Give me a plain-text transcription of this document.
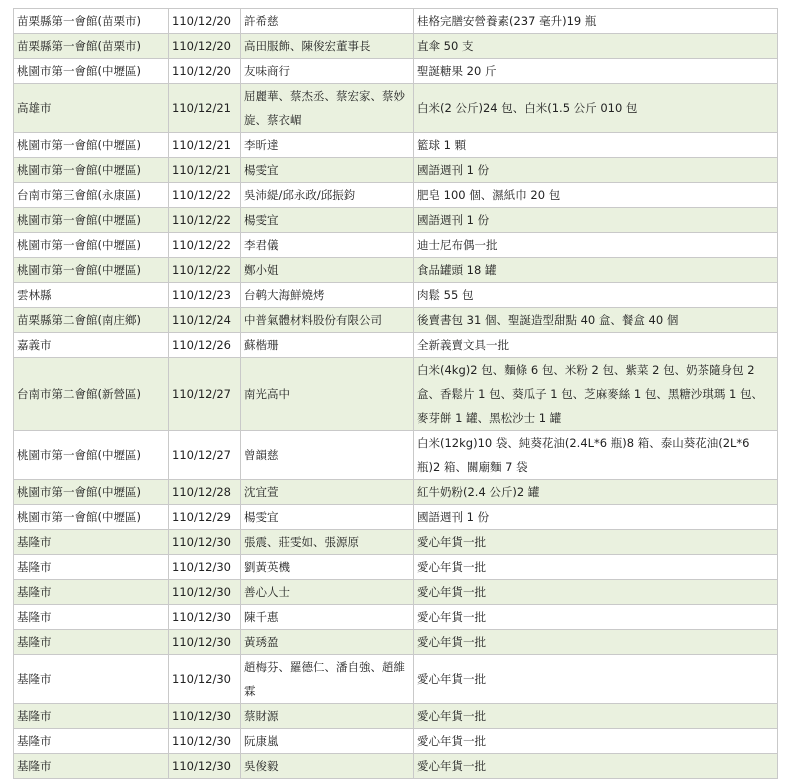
苗栗縣第一會館(苗栗市)	110/12/20	許希慈	桂格完膳安營養素(237 毫升)19 瓶
苗栗縣第一會館(苗栗市)	110/12/20	高田服飾、陳俊宏董事長	直傘 50 支
桃園市第一會館(中壢區)	110/12/20	友味商行	聖誕糖果 20 斤
高雄市	110/12/21	屈麗華、蔡杰丞、蔡宏家、蔡妙旋、蔡衣嵋	白米(2 公斤)24 包、白米(1.5 公斤 010 包
桃園市第一會館(中壢區)	110/12/21	李昕達	籃球 1 顆
桃園市第一會館(中壢區)	110/12/21	楊雯宜	國語週刊 1 份
台南市第三會館(永康區)	110/12/22	吳沛緹/邱永政/邱振鈞	肥皂 100 個、濕紙巾 20 包
桃園市第一會館(中壢區)	110/12/22	楊雯宜	國語週刊 1 份
桃園市第一會館(中壢區)	110/12/22	李君儀	迪士尼布偶一批
桃園市第一會館(中壢區)	110/12/22	鄭小姐	食品罐頭 18 罐
雲林縣	110/12/23	台鹌大海鮮燒烤	肉鬆 55 包
苗栗縣第二會館(南庄鄉)	110/12/24	中普氣體材料股份有限公司	後賣書包 31 個、聖誕造型甜點 40 盒、餐盒 40 個
嘉義市	110/12/26	蘇楷珊	全新義賣文具一批
台南市第二會館(新營區)	110/12/27	南光高中	白米(4kg)2 包、麵條 6 包、米粉 2 包、紫菜 2 包、奶茶隨身包 2 盒、香鬆片 1 包、葵瓜子 1 包、芝麻麥絲 1 包、黑糖沙琪瑪 1 包、麥芽餅 1 罐、黑松沙士 1 罐
桃園市第一會館(中壢區)	110/12/27	曾韻慈	白米(12kg)10 袋、純葵花油(2.4L*6 瓶)8 箱、泰山葵花油(2L*6 瓶)2 箱、關廟麵 7 袋
桃園市第一會館(中壢區)	110/12/28	沈宜萱	紅牛奶粉(2.4 公斤)2 罐
桃園市第一會館(中壢區)	110/12/29	楊雯宜	國語週刊 1 份
基隆市	110/12/30	張震、莊雯如、張源原	愛心年貨一批
基隆市	110/12/30	劉黃英機	愛心年貨一批
基隆市	110/12/30	善心人士	愛心年貨一批
基隆市	110/12/30	陳千惠	愛心年貨一批
基隆市	110/12/30	黃琇盈	愛心年貨一批
基隆市	110/12/30	趙梅芬、羅德仁、潘自強、趙維霖	愛心年貨一批
基隆市	110/12/30	蔡財源	愛心年貨一批
基隆市	110/12/30	阮康嵐	愛心年貨一批
基隆市	110/12/30	吳俊毅	愛心年貨一批
